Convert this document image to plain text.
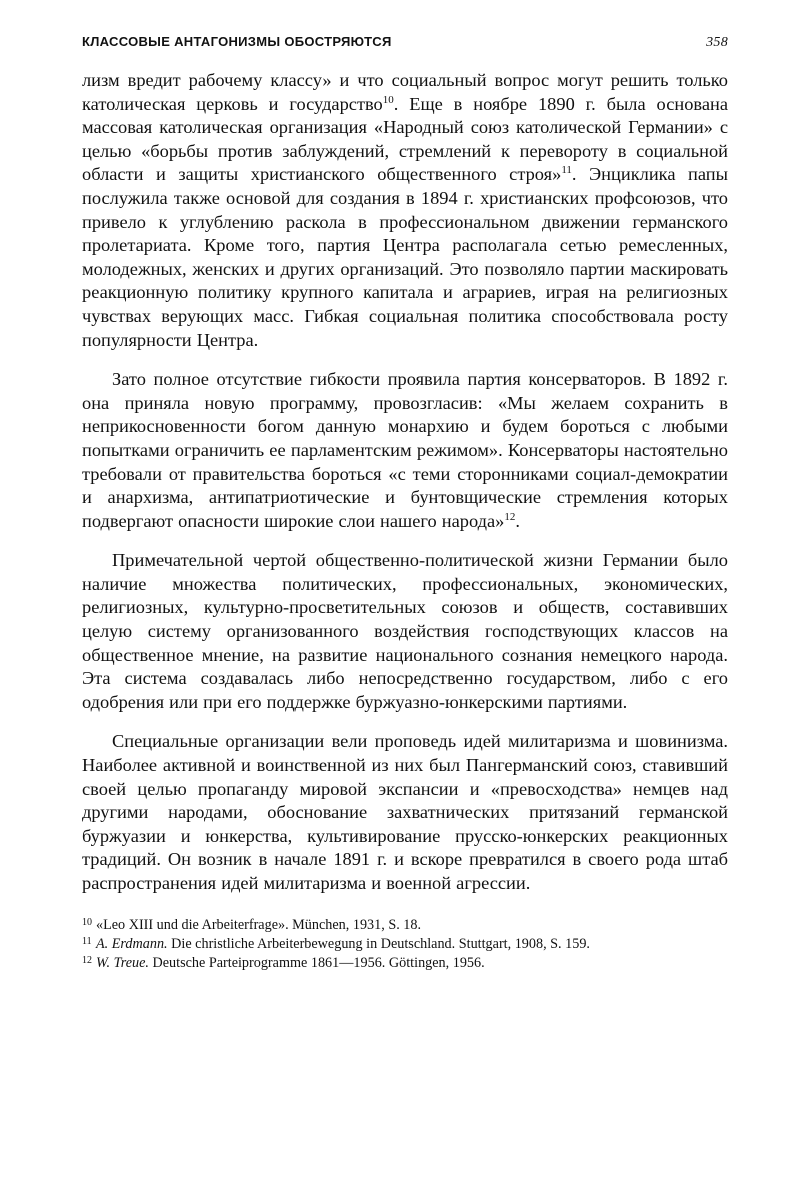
КЛАССОВЫЕ АНТАГОНИЗМЫ ОБОСТРЯЮТСЯ	358

лизм вредит рабочему классу» и что социальный вопрос могут решить только католическая церковь и государство$^{10}$. Еще в ноябре 1890 г. была основана массовая католическая организация «Народный союз католической Германии» с целью «борьбы против заблуждений, стремлений к перевороту в социальной области и защиты христианского общественного строя»$^{11}$. Энциклика папы послужила также основой для создания в 1894 г. христианских профсоюзов, что привело к углублению раскола в профессиональном движении германского пролетариата. Кроме того, партия Центра располагала сетью ремесленных, молодежных, женских и других организаций. Это позволяло партии маскировать реакционную политику крупного капитала и аграриев, играя на религиозных чувствах верующих масс. Гибкая социальная политика способствовала росту популярности Центра.

Зато полное отсутствие гибкости проявила партия консерваторов. В 1892 г. она приняла новую программу, провозгласив: «Мы желаем сохранить в неприкосновенности богом данную монархию и будем бороться с любыми попытками ограничить ее парламентским режимом». Консерваторы настоятельно требовали от правительства бороться «с теми сторонниками социал-демократии и анархизма, антипатриотические и бунтовщические стремления которых подвергают опасности широкие слои нашего народа»$^{12}$.

Примечательной чертой общественно-политической жизни Германии было наличие множества политических, профессиональных, экономических, религиозных, культурно-просветительных союзов и обществ, составивших целую систему организованного воздействия господствующих классов на общественное мнение, на развитие национального сознания немецкого народа. Эта система создавалась либо непосредственно государством, либо с его одобрения или при его поддержке буржуазно-юнкерскими партиями.

Специальные организации вели проповедь идей милитаризма и шовинизма. Наиболее активной и воинственной из них был Пангерманский союз, ставивший своей целью пропаганду мировой экспансии и «превосходства» немцев над другими народами, обоснование захватнических притязаний германской буржуазии и юнкерства, культивирование прусско-юнкерских реакционных традиций. Он возник в начале 1891 г. и вскоре превратился в своего рода штаб распространения идей милитаризма и военной агрессии.

10 «Leo XIII und die Arbeiterfrage». München, 1931, S. 18.
11 A. Erdmann. Die christliche Arbeiterbewegung in Deutschland. Stuttgart, 1908, S. 159.
12 W. Treue. Deutsche Parteiprogramme 1861—1956. Göttingen, 1956.
